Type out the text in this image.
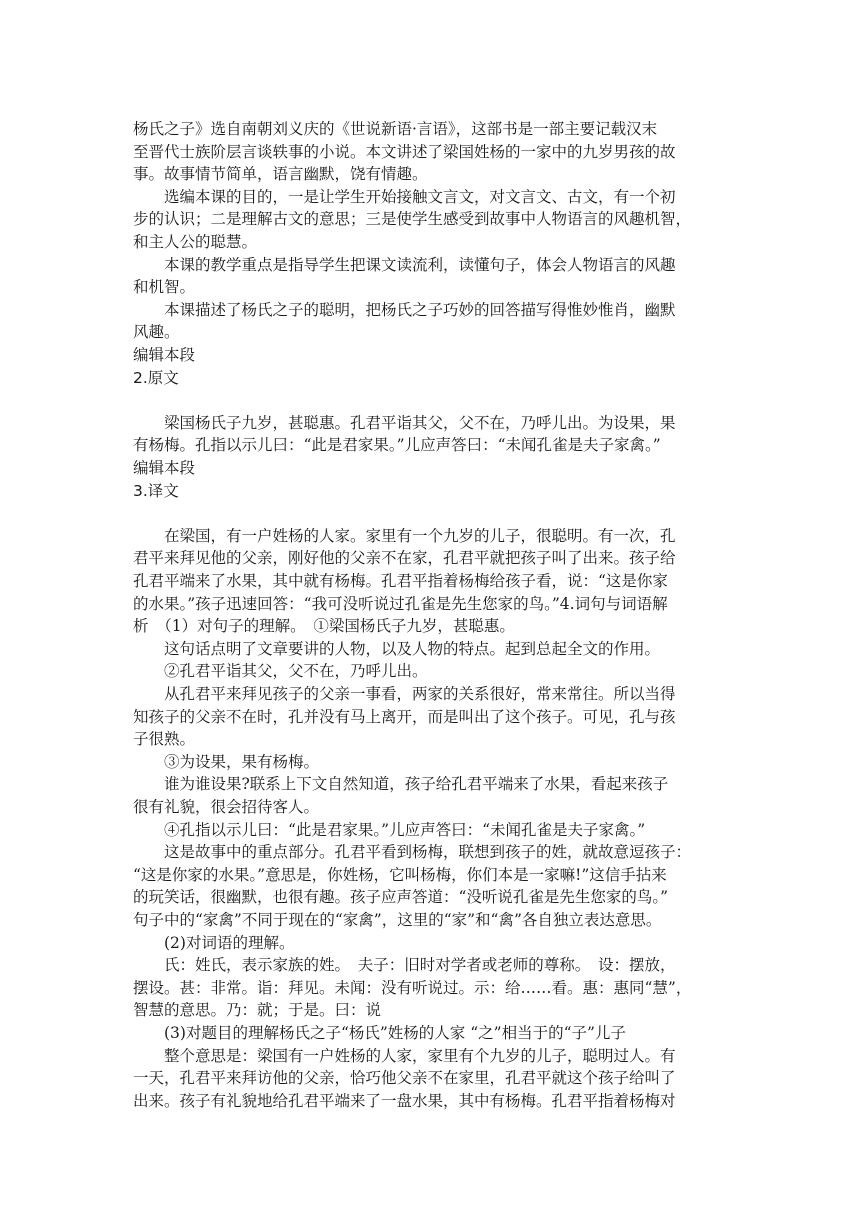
杨氏之子》选自南朝刘义庆的《世说新语·言语》，这部书是一部主要记载汉末
至晋代士族阶层言谈轶事的小说。本文讲述了梁国姓杨的一家中的九岁男孩的故
事。故事情节简单，语言幽默，饶有情趣。
选编本课的目的，一是让学生开始接触文言文，对文言文、古文，有一个初
步的认识；二是理解古文的意思；三是使学生感受到故事中人物语言的风趣机智，
和主人公的聪慧。
本课的教学重点是指导学生把课文读流利，读懂句子，体会人物语言的风趣
和机智。
本课描述了杨氏之子的聪明，把杨氏之子巧妙的回答描写得惟妙惟肖，幽默
风趣。
编辑本段
2.原文
梁国杨氏子九岁，甚聪惠。孔君平诣其父，父不在，乃呼儿出。为设果，果
有杨梅。孔指以示儿曰：“此是君家果。”儿应声答曰：“未闻孔雀是夫子家禽。”
编辑本段
3.译文
在梁国，有一户姓杨的人家。家里有一个九岁的儿子，很聪明。有一次，孔
君平来拜见他的父亲，刚好他的父亲不在家，孔君平就把孩子叫了出来。孩子给
孔君平端来了水果，其中就有杨梅。孔君平指着杨梅给孩子看，说：“这是你家
的水果。”孩子迅速回答：“我可没听说过孔雀是先生您家的鸟。”4.词句与词语解
析　（1）对句子的理解。　①梁国杨氏子九岁，甚聪惠。
这句话点明了文章要讲的人物，以及人物的特点。起到总起全文的作用。
②孔君平诣其父，父不在，乃呼儿出。
从孔君平来拜见孩子的父亲一事看，两家的关系很好，常来常往。所以当得
知孩子的父亲不在时，孔并没有马上离开，而是叫出了这个孩子。可见，孔与孩
子很熟。
③为设果，果有杨梅。
谁为谁设果?联系上下文自然知道，孩子给孔君平端来了水果，看起来孩子
很有礼貌，很会招待客人。
④孔指以示儿曰：“此是君家果。”儿应声答曰：“未闻孔雀是夫子家禽。”
这是故事中的重点部分。孔君平看到杨梅，联想到孩子的姓，就故意逗孩子：
“这是你家的水果。”意思是，你姓杨，它叫杨梅，你们本是一家嘛!”这信手拈来
的玩笑话，很幽默，也很有趣。孩子应声答道：“没听说孔雀是先生您家的鸟。”
句子中的“家禽”不同于现在的“家禽”，这里的“家”和“禽”各自独立表达意思。
(2)对词语的理解。
氏：姓氏，表示家族的姓。　夫子：旧时对学者或老师的尊称。　设：摆放，
摆设。甚：非常。诣：拜见。未闻：没有听说过。示：给……看。惠：惠同“慧”，
智慧的意思。乃：就；于是。曰：说
(3)对题目的理解杨氏之子“杨氏”姓杨的人家 “之”相当于的“子”儿子
整个意思是：梁国有一户姓杨的人家，家里有个九岁的儿子，聪明过人。有
一天，孔君平来拜访他的父亲，恰巧他父亲不在家里，孔君平就这个孩子给叫了
出来。孩子有礼貌地给孔君平端来了一盘水果，其中有杨梅。孔君平指着杨梅对
